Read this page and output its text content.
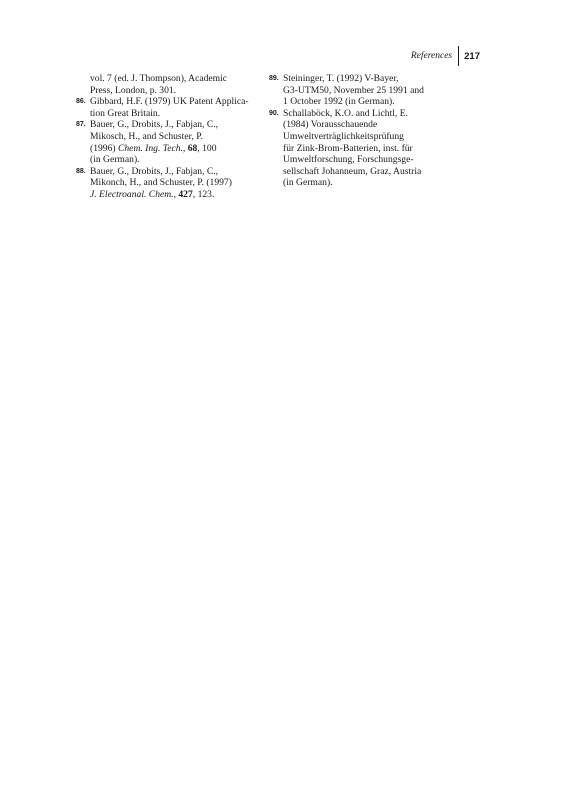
References	217

vol. 7 (ed. J. Thompson), Academic
Press, London, p. 301.

86. Gibbard, H.F. (1979) UK Patent Applica-
tion Great Britain.

87. Bauer, G., Drobits, J., Fabjan, C.,
Mikosch, H., and Schuster, P.
(1996) Chem. Ing. Tech., 68, 100
(in German).

88. Bauer, G., Drobits, J., Fabjan, C.,
Mikonch, H., and Schuster, P. (1997)
J. Electroanal. Chem., 427, 123.

89. Steininger, T. (1992) V-Bayer,
G3-UTM50, November 25 1991 and
1 October 1992 (in German).

90. Schallaböck, K.O. and Lichtl, E.
(1984) Vorausschauende
Umweltverträglichkeitsprüfung
für Zink-Brom-Batterien, inst. für
Umweltforschung, Forschungsge-
sellschaft Johanneum, Graz, Austria
(in German).
